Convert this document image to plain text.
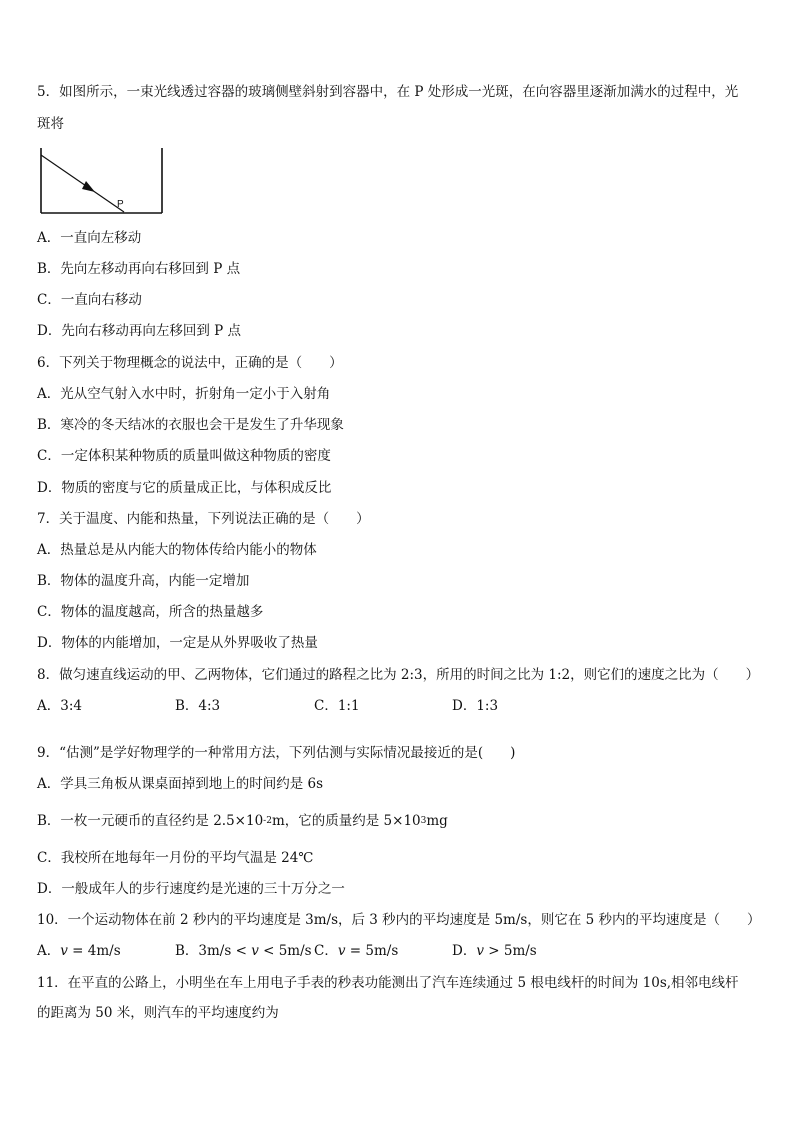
5．如图所示，一束光线透过容器的玻璃侧壁斜射到容器中，在 P 处形成一光斑，在向容器里逐渐加满水的过程中，光
斑将
P
A．一直向左移动
B．先向左移动再向右移回到 P 点
C．一直向右移动
D．先向右移动再向左移回到 P 点
6．下列关于物理概念的说法中，正确的是（　　）
A．光从空气射入水中时，折射角一定小于入射角
B．寒冷的冬天结冰的衣服也会干是发生了升华现象
C．一定体积某种物质的质量叫做这种物质的密度
D．物质的密度与它的质量成正比，与体积成反比
7．关于温度、内能和热量，下列说法正确的是（　　）
A．热量总是从内能大的物体传给内能小的物体
B．物体的温度升高，内能一定增加
C．物体的温度越高，所含的热量越多
D．物体的内能增加，一定是从外界吸收了热量
8．做匀速直线运动的甲、乙两物体，它们通过的路程之比为 2:3，所用的时间之比为 1:2，则它们的速度之比为（　　）
A．3:4	B．4:3	C．1:1	D．1:3
9．“估测”是学好物理学的一种常用方法，下列估测与实际情况最接近的是(　　)
A．学具三角板从课桌面掉到地上的时间约是 6s
B．一枚一元硬币的直径约是 $2.5\times 10^{-2}m$，它的质量约是 $5\times 10^3mg$
C．我校所在地每年一月份的平均气温是 24℃
D．一般成年人的步行速度约是光速的三十万分之一
10．一个运动物体在前 2 秒内的平均速度是 3m/s，后 3 秒内的平均速度是 5m/s，则它在 5 秒内的平均速度是（　　）
A．v = 4m/s	B．3m/s < v < 5m/s C．v = 5m/s	D．v > 5m/s
11．在平直的公路上，小明坐在车上用电子手表的秒表功能测出了汽车连续通过 5 根电线杆的时间为 10s,相邻电线杆
的距离为 50 米，则汽车的平均速度约为
